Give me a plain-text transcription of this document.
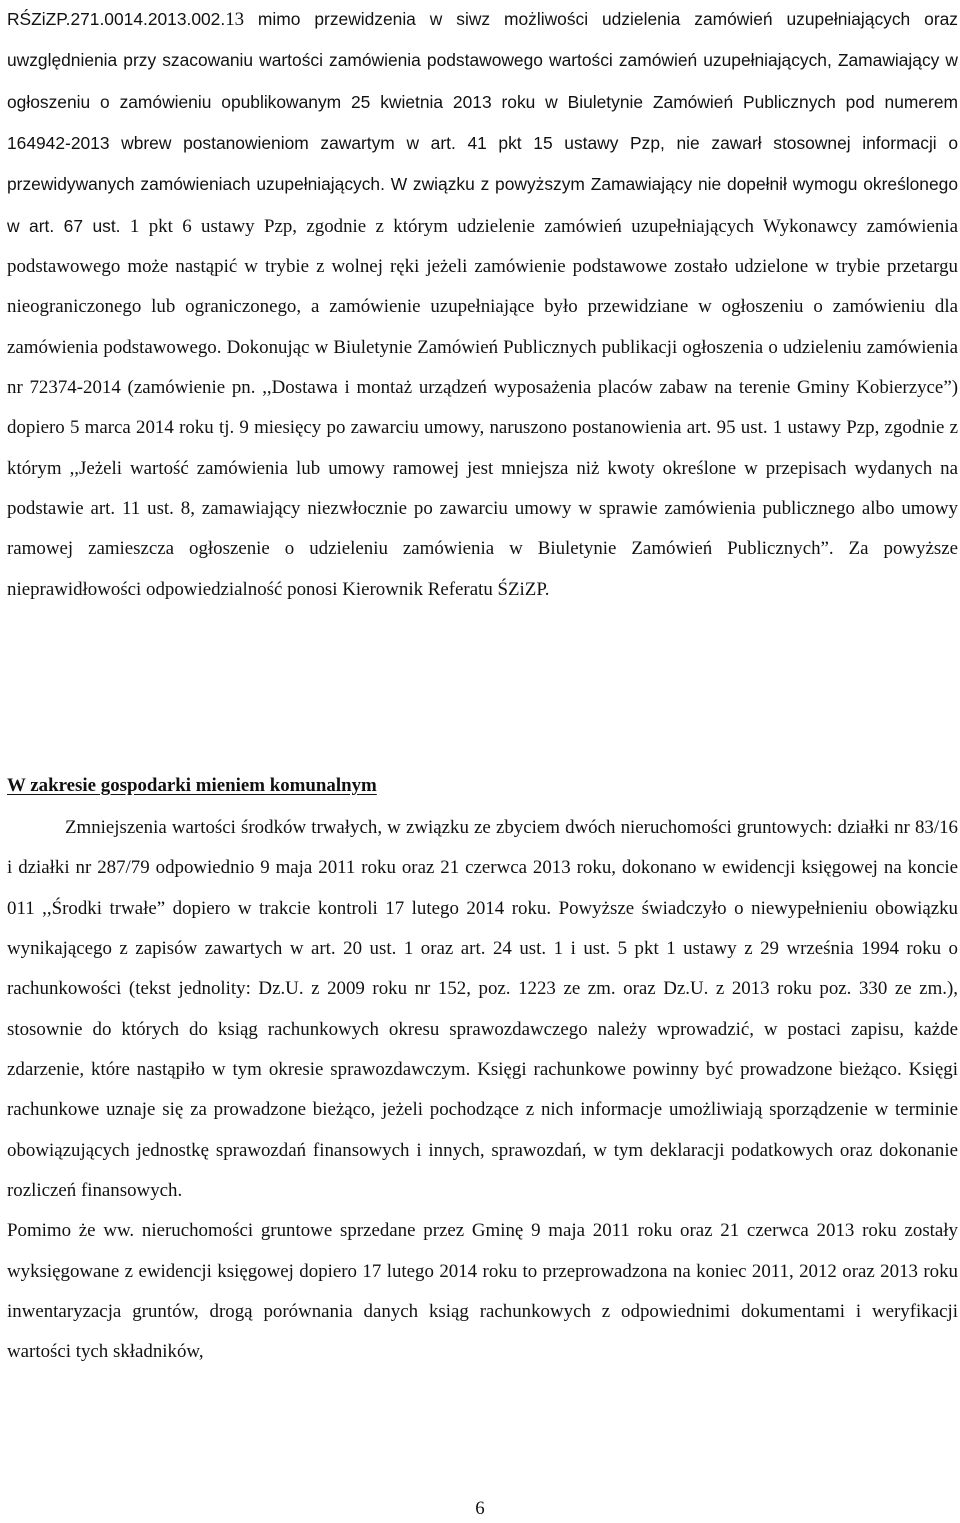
RŚZiZP.271.0014.2013.002.13 mimo przewidzenia w siwz możliwości udzielenia zamówień uzupełniających oraz uwzględnienia przy szacowaniu wartości zamówienia podstawowego wartości zamówień uzupełniających, Zamawiający w ogłoszeniu o zamówieniu opublikowanym 25 kwietnia 2013 roku w Biuletynie Zamówień Publicznych pod numerem 164942-2013 wbrew postanowieniom zawartym w art. 41 pkt 15 ustawy Pzp, nie zawarł stosownej informacji o przewidywanych zamówieniach uzupełniających. W związku z powyższym Zamawiający nie dopełnił wymogu określonego w art. 67 ust. 1 pkt 6 ustawy Pzp, zgodnie z którym udzielenie zamówień uzupełniających Wykonawcy zamówienia podstawowego może nastąpić w trybie z wolnej ręki jeżeli zamówienie podstawowe zostało udzielone w trybie przetargu nieograniczonego lub ograniczonego, a zamówienie uzupełniające było przewidziane w ogłoszeniu o zamówieniu dla zamówienia podstawowego. Dokonując w Biuletynie Zamówień Publicznych publikacji ogłoszenia o udzieleniu zamówienia nr 72374-2014 (zamówienie pn. ,,Dostawa i montaż urządzeń wyposażenia placów zabaw na terenie Gminy Kobierzyce”) dopiero 5 marca 2014 roku tj. 9 miesięcy po zawarciu umowy, naruszono postanowienia art. 95 ust. 1 ustawy Pzp, zgodnie z którym ,,Jeżeli wartość zamówienia lub umowy ramowej jest mniejsza niż kwoty określone w przepisach wydanych na podstawie art. 11 ust. 8, zamawiający niezwłocznie po zawarciu umowy w sprawie zamówienia publicznego albo umowy ramowej zamieszcza ogłoszenie o udzieleniu zamówienia w Biuletynie Zamówień Publicznych”. Za powyższe nieprawidłowości odpowiedzialność ponosi Kierownik Referatu ŚZiZP.

W zakresie gospodarki mieniem komunalnym

Zmniejszenia wartości środków trwałych, w związku ze zbyciem dwóch nieruchomości gruntowych: działki nr 83/16 i działki nr 287/79 odpowiednio 9 maja 2011 roku oraz 21 czerwca 2013 roku, dokonano w ewidencji księgowej na koncie 011 ,,Środki trwałe” dopiero w trakcie kontroli 17 lutego 2014 roku. Powyższe świadczyło o niewypełnieniu obowiązku wynikającego z zapisów zawartych w art. 20 ust. 1 oraz art. 24 ust. 1 i ust. 5 pkt 1 ustawy z 29 września 1994 roku o rachunkowości (tekst jednolity: Dz.U. z 2009 roku nr 152, poz. 1223 ze zm. oraz Dz.U. z 2013 roku poz. 330 ze zm.), stosownie do których do ksiąg rachunkowych okresu sprawozdawczego należy wprowadzić, w postaci zapisu, każde zdarzenie, które nastąpiło w tym okresie sprawozdawczym. Księgi rachunkowe powinny być prowadzone bieżąco. Księgi rachunkowe uznaje się za prowadzone bieżąco, jeżeli pochodzące z nich informacje umożliwiają sporządzenie w terminie obowiązujących jednostkę sprawozdań finansowych i innych, sprawozdań, w tym deklaracji podatkowych oraz dokonanie rozliczeń finansowych.
Pomimo że ww. nieruchomości gruntowe sprzedane przez Gminę 9 maja 2011 roku oraz 21 czerwca 2013 roku zostały wyksięgowane z ewidencji księgowej dopiero 17 lutego 2014 roku to przeprowadzona na koniec 2011, 2012 oraz 2013 roku inwentaryzacja gruntów, drogą porównania danych ksiąg rachunkowych z odpowiednimi dokumentami i weryfikacji wartości tych składników,

6
